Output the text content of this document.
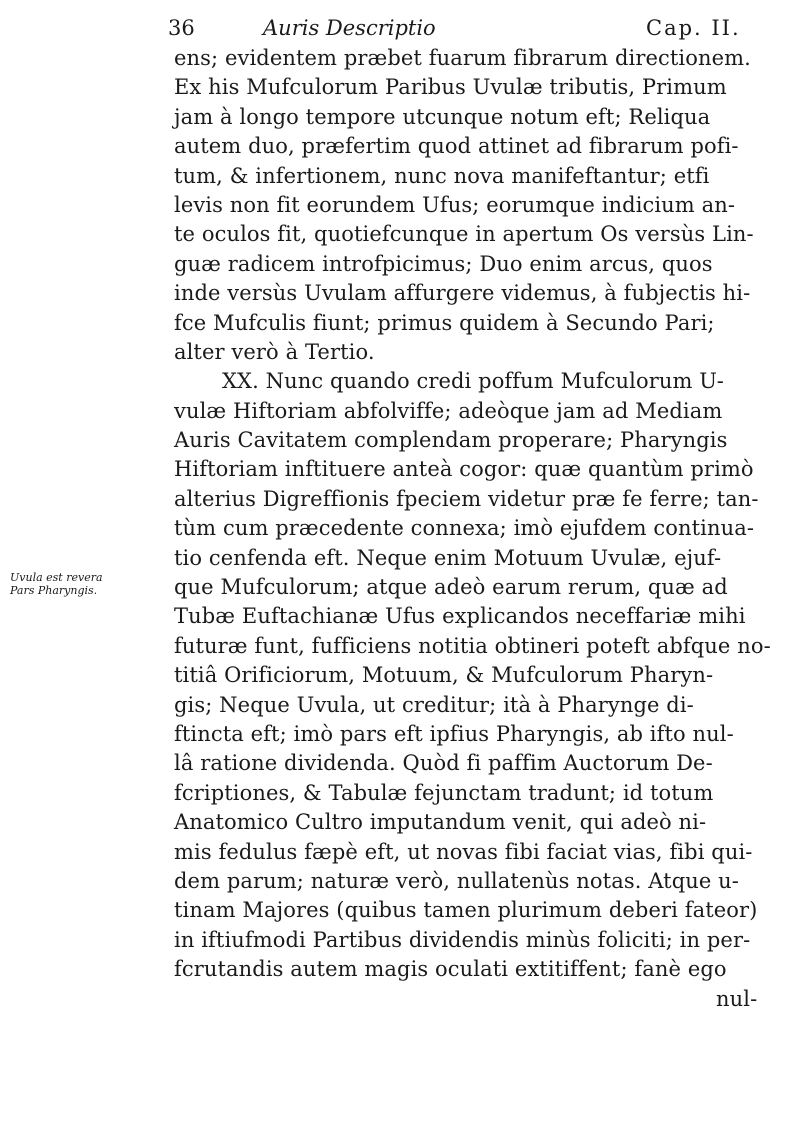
36	Auris Descriptio	Cap. II.
Uvula est revera
Pars Pharyngis.
ens; evidentem præbet fuarum fibrarum directionem.
Ex his Mufculorum Paribus Uvulæ tributis, Primum
jam à longo tempore utcunque notum eft; Reliqua
autem duo, præfertim quod attinet ad fibrarum pofi-
tum, & infertionem, nunc nova manifeftantur; etfi
levis non fit eorundem Ufus; eorumque indicium an-
te oculos fit, quotiefcunque in apertum Os versùs Lin-
guæ radicem introfpicimus; Duo enim arcus, quos
inde versùs Uvulam affurgere videmus, à fubjectis hi-
fce Mufculis fiunt; primus quidem à Secundo Pari;
alter verò à Tertio.
XX. Nunc quando credi poffum Mufculorum U-
vulæ Hiftoriam abfolviffe; adeòque jam ad Mediam
Auris Cavitatem complendam properare; Pharyngis
Hiftoriam inftituere anteà cogor: quæ quantùm primò
alterius Digreffionis fpeciem videtur præ fe ferre; tan-
tùm cum præcedente connexa; imò ejufdem continua-
tio cenfenda eft. Neque enim Motuum Uvulæ, ejuf-
que Mufculorum; atque adeò earum rerum, quæ ad
Tubæ Euftachianæ Ufus explicandos neceffariæ mihi
futuræ funt, fufficiens notitia obtineri poteft abfque no-
titiâ Orificiorum, Motuum, & Mufculorum Pharyn-
gis; Neque Uvula, ut creditur; ità à Pharynge di-
ftincta eft; imò pars eft ipfius Pharyngis, ab ifto nul-
lâ ratione dividenda. Quòd fi paffim Auctorum De-
fcriptiones, & Tabulæ fejunctam tradunt; id totum
Anatomico Cultro imputandum venit, qui adeò ni-
mis fedulus fæpè eft, ut novas fibi faciat vias, fibi qui-
dem parum; naturæ verò, nullatenùs notas. Atque u-
tinam Majores (quibus tamen plurimum deberi fateor)
in iftiufmodi Partibus dividendis minùs foliciti; in per-
fcrutandis autem magis oculati extitiffent; fanè ego
nul-
